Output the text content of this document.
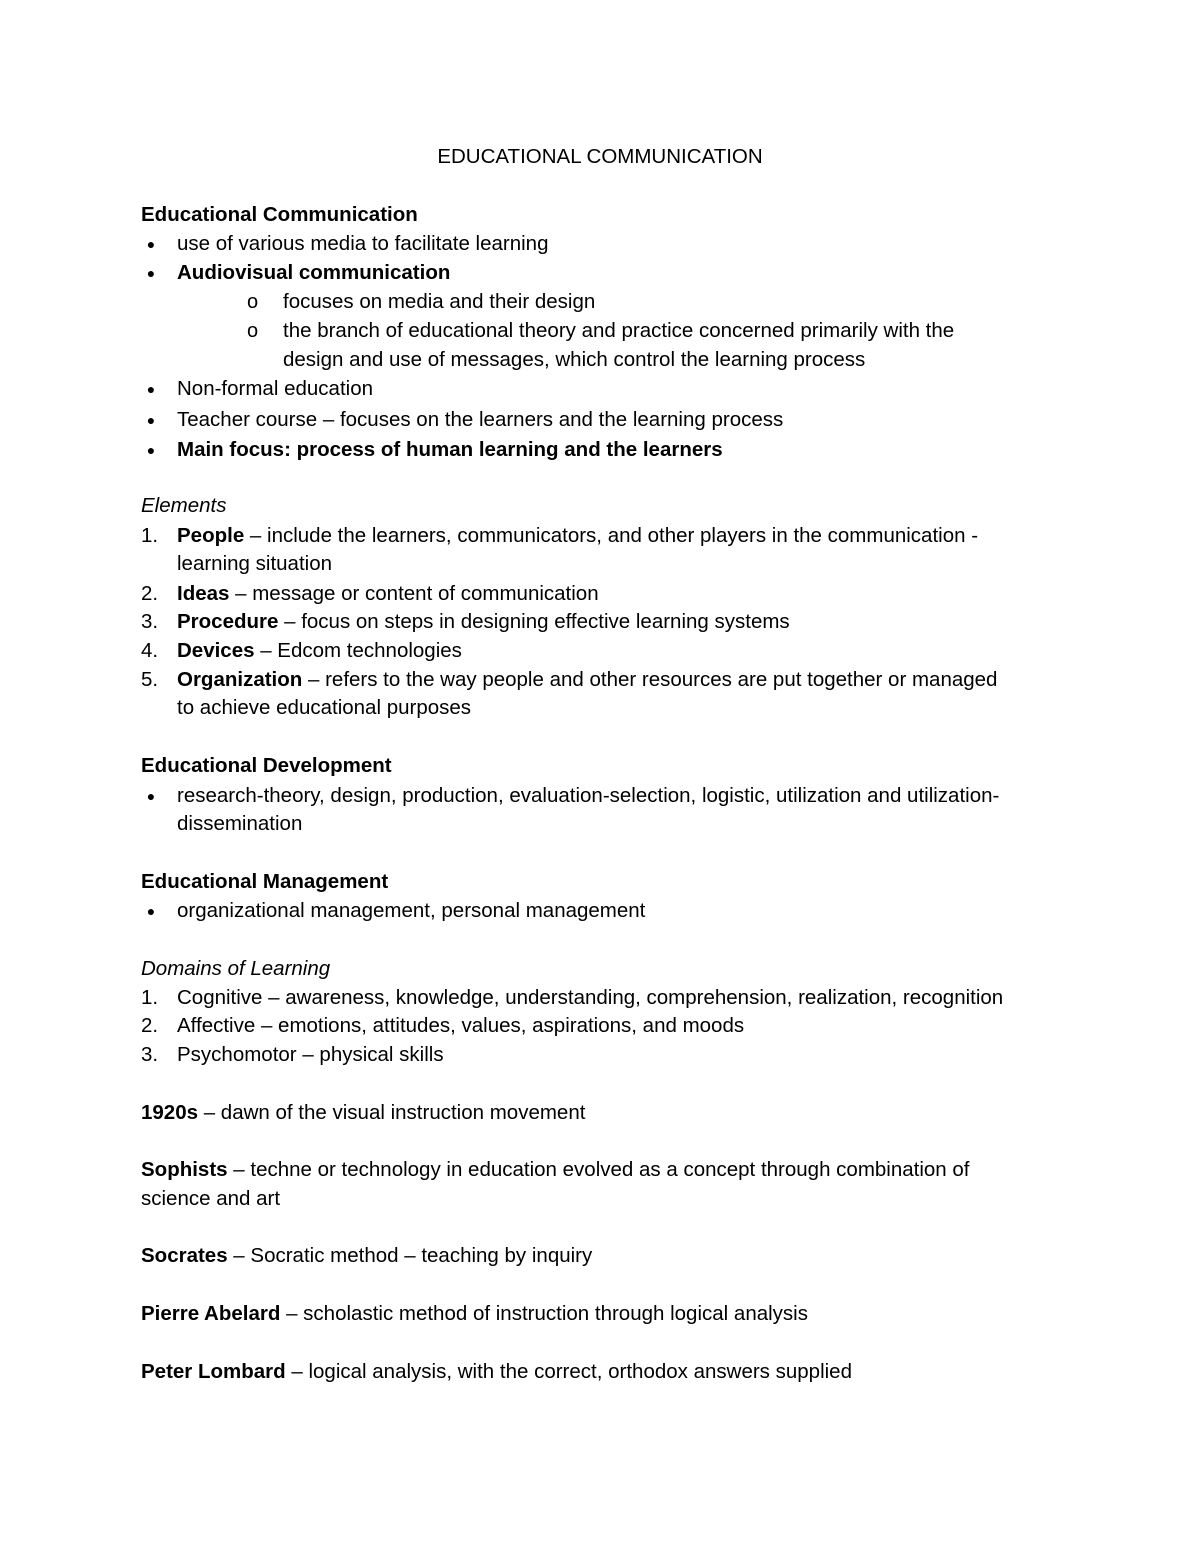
EDUCATIONAL COMMUNICATION
Educational Communication
● use of various media to facilitate learning
● Audiovisual communication
o focuses on media and their design
o the branch of educational theory and practice concerned primarily with the
design and use of messages, which control the learning process
● Non-formal education
● Teacher course – focuses on the learners and the learning process
● Main focus: process of human learning and the learners
Elements
1. People – include the learners, communicators, and other players in the communication -
learning situation
2. Ideas – message or content of communication
3. Procedure – focus on steps in designing effective learning systems
4. Devices – Edcom technologies
5. Organization – refers to the way people and other resources are put together or managed
to achieve educational purposes
Educational Development
● research-theory, design, production, evaluation-selection, logistic, utilization and utilization-
dissemination
Educational Management
● organizational management, personal management
Domains of Learning
1. Cognitive – awareness, knowledge, understanding, comprehension, realization, recognition
2. Affective – emotions, attitudes, values, aspirations, and moods
3. Psychomotor – physical skills
1920s – dawn of the visual instruction movement
Sophists – techne or technology in education evolved as a concept through combination of
science and art
Socrates – Socratic method – teaching by inquiry
Pierre Abelard – scholastic method of instruction through logical analysis
Peter Lombard – logical analysis, with the correct, orthodox answers supplied
